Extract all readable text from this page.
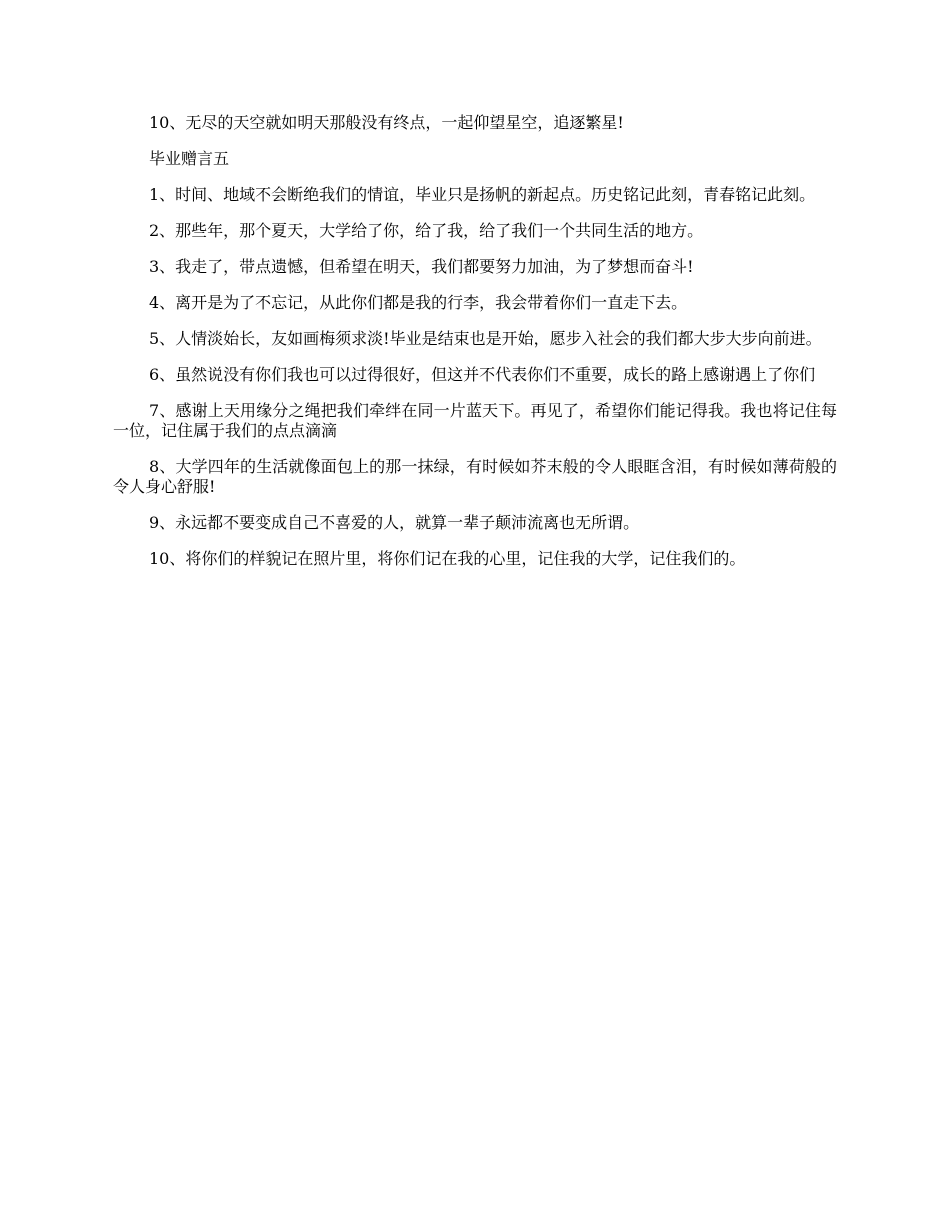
10、无尽的天空就如明天那般没有终点，一起仰望星空，追逐繁星!

毕业赠言五

1、时间、地域不会断绝我们的情谊，毕业只是扬帆的新起点。历史铭记此刻，青春铭记此刻。

2、那些年，那个夏天，大学给了你，给了我，给了我们一个共同生活的地方。

3、我走了，带点遗憾，但希望在明天，我们都要努力加油，为了梦想而奋斗!

4、离开是为了不忘记，从此你们都是我的行李，我会带着你们一直走下去。

5、人情淡始长，友如画梅须求淡!毕业是结束也是开始，愿步入社会的我们都大步大步向前进。

6、虽然说没有你们我也可以过得很好，但这并不代表你们不重要，成长的路上感谢遇上了你们

7、感谢上天用缘分之绳把我们牵绊在同一片蓝天下。再见了，希望你们能记得我。我也将记住每一位，记住属于我们的点点滴滴

8、大学四年的生活就像面包上的那一抹绿，有时候如芥末般的令人眼眶含泪，有时候如薄荷般的令人身心舒服!

9、永远都不要变成自己不喜爱的人，就算一辈子颠沛流离也无所谓。

10、将你们的样貌记在照片里，将你们记在我的心里，记住我的大学，记住我们的。
